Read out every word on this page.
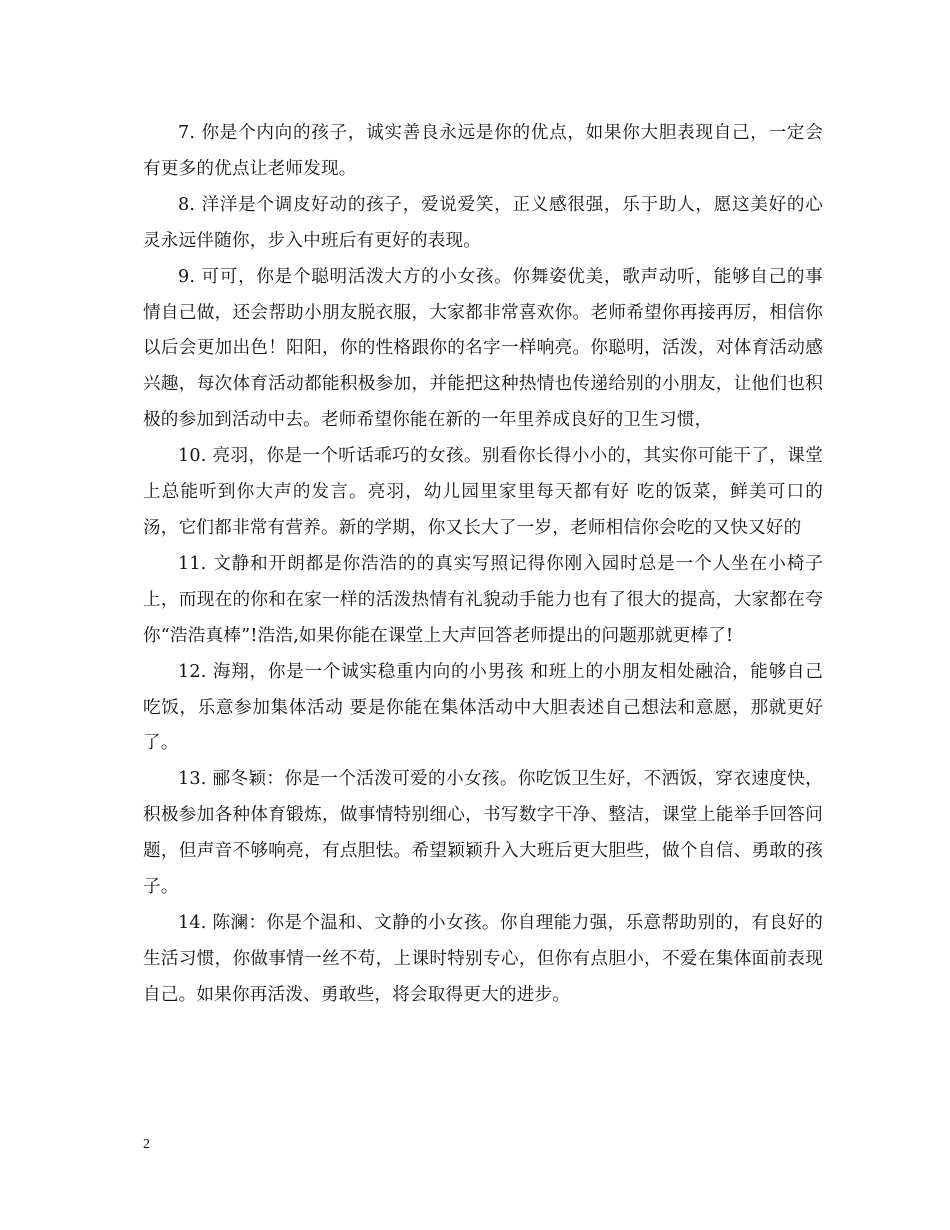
7. 你是个内向的孩子，诚实善良永远是你的优点，如果你大胆表现自己，一定会有更多的优点让老师发现。

8. 洋洋是个调皮好动的孩子，爱说爱笑，正义感很强，乐于助人，愿这美好的心灵永远伴随你，步入中班后有更好的表现。

9. 可可，你是个聪明活泼大方的小女孩。你舞姿优美，歌声动听，能够自己的事情自己做，还会帮助小朋友脱衣服，大家都非常喜欢你。老师希望你再接再厉，相信你以后会更加出色！阳阳，你的性格跟你的名字一样响亮。你聪明，活泼，对体育活动感兴趣，每次体育活动都能积极参加，并能把这种热情也传递给别的小朋友，让他们也积极的参加到活动中去。老师希望你能在新的一年里养成良好的卫生习惯，

10. 亮羽，你是一个听话乖巧的女孩。别看你长得小小的，其实你可能干了，课堂上总能听到你大声的发言。亮羽，幼儿园里家里每天都有好 吃的饭菜，鲜美可口的汤，它们都非常有营养。新的学期，你又长大了一岁，老师相信你会吃的又快又好的

11. 文静和开朗都是你浩浩的的真实写照记得你刚入园时总是一个人坐在小椅子上，而现在的你和在家一样的活泼热情有礼貌动手能力也有了很大的提高，大家都在夸你“浩浩真棒”!浩浩,如果你能在课堂上大声回答老师提出的问题那就更棒了!

12. 海翔，你是一个诚实稳重内向的小男孩 和班上的小朋友相处融洽，能够自己吃饭，乐意参加集体活动 要是你能在集体活动中大胆表述自己想法和意愿，那就更好了。

13. 郦冬颖：你是一个活泼可爱的小女孩。你吃饭卫生好，不洒饭，穿衣速度快，积极参加各种体育锻炼，做事情特别细心，书写数字干净、整洁，课堂上能举手回答问题，但声音不够响亮，有点胆怯。希望颖颖升入大班后更大胆些，做个自信、勇敢的孩子。

14. 陈澜：你是个温和、文静的小女孩。你自理能力强，乐意帮助别的，有良好的生活习惯，你做事情一丝不苟，上课时特别专心，但你有点胆小，不爱在集体面前表现自己。如果你再活泼、勇敢些，将会取得更大的进步。

2
